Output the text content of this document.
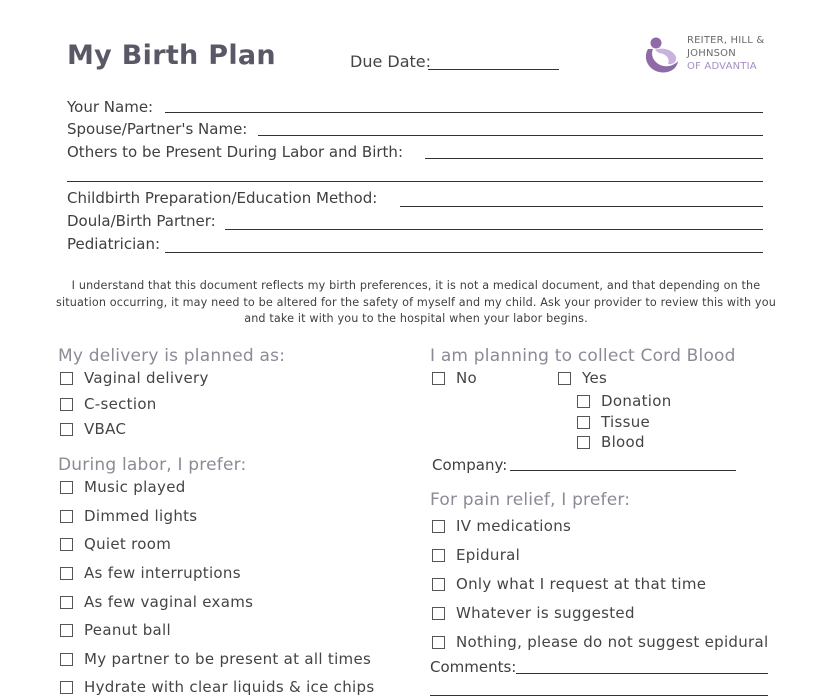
My Birth Plan	Due Date:
REITER, HILL &
JOHNSON
OF ADVANTIA
Your Name:
Spouse/Partner's Name:
Others to be Present During Labor and Birth:
Childbirth Preparation/Education Method:
Doula/Birth Partner:
Pediatrician:
I understand that this document reflects my birth preferences, it is not a medical document, and that depending on the situation occurring, it may need to be altered for the safety of myself and my child. Ask your provider to review this with you and take it with you to the hospital when your labor begins.
My delivery is planned as:
Vaginal delivery
C-section
VBAC
During labor, I prefer:
Music played
Dimmed lights
Quiet room
As few interruptions
As few vaginal exams
Peanut ball
My partner to be present at all times
Hydrate with clear liquids & ice chips
I am planning to collect Cord Blood
No	Yes
Donation
Tissue
Blood
Company:
For pain relief, I prefer:
IV medications
Epidural
Only what I request at that time
Whatever is suggested
Nothing, please do not suggest epidural
Comments:
